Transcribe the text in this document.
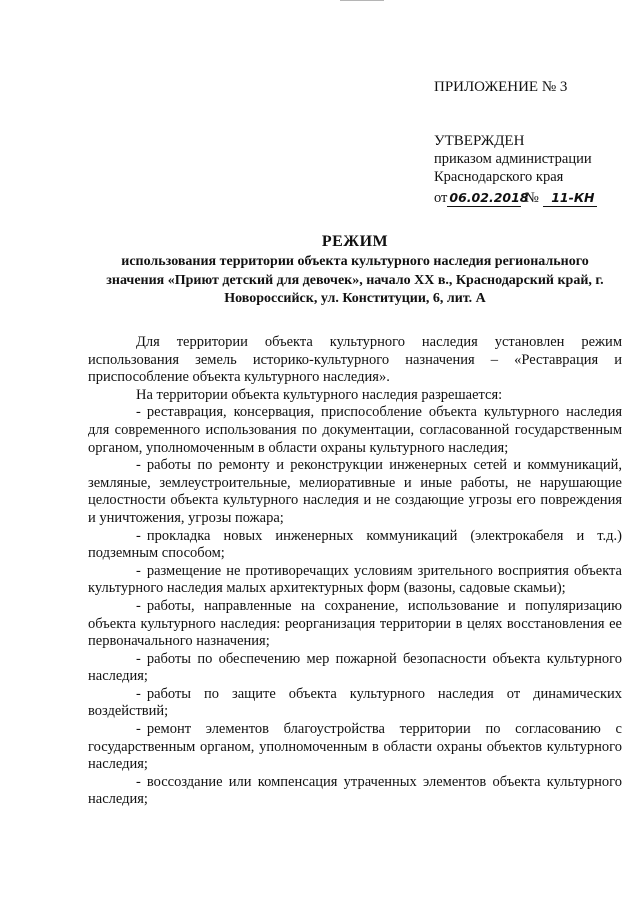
ПРИЛОЖЕНИЕ № 3
УТВЕРЖДЕН
приказом администрации
Краснодарского края
от 06.02.2018 № 11-КН
РЕЖИМ

использования территории объекта культурного наследия регионального значения «Приют детский для девочек», начало XX в., Краснодарский край, г. Новороссийск, ул. Конституции, 6, лит. А

Для территории объекта культурного наследия установлен режим использования земель историко-культурного назначения – «Реставрация и приспособление объекта культурного наследия».

На территории объекта культурного наследия разрешается:

- реставрация, консервация, приспособление объекта культурного наследия для современного использования по документации, согласованной государственным органом, уполномоченным в области охраны культурного наследия;
- работы по ремонту и реконструкции инженерных сетей и коммуникаций, земляные, землеустроительные, мелиоративные и иные работы, не нарушающие целостности объекта культурного наследия и не создающие угрозы его повреждения и уничтожения, угрозы пожара;
- прокладка новых инженерных коммуникаций (электрокабеля и т.д.) подземным способом;
- размещение не противоречащих условиям зрительного восприятия объекта культурного наследия малых архитектурных форм (вазоны, садовые скамьи);
- работы, направленные на сохранение, использование и популяризацию объекта культурного наследия: реорганизация территории в целях восстановления ее первоначального назначения;
- работы по обеспечению мер пожарной безопасности объекта культурного наследия;
- работы по защите объекта культурного наследия от динамических воздействий;
- ремонт элементов благоустройства территории по согласованию с государственным органом, уполномоченным в области охраны объектов культурного наследия;
- воссоздание или компенсация утраченных элементов объекта культурного наследия;
